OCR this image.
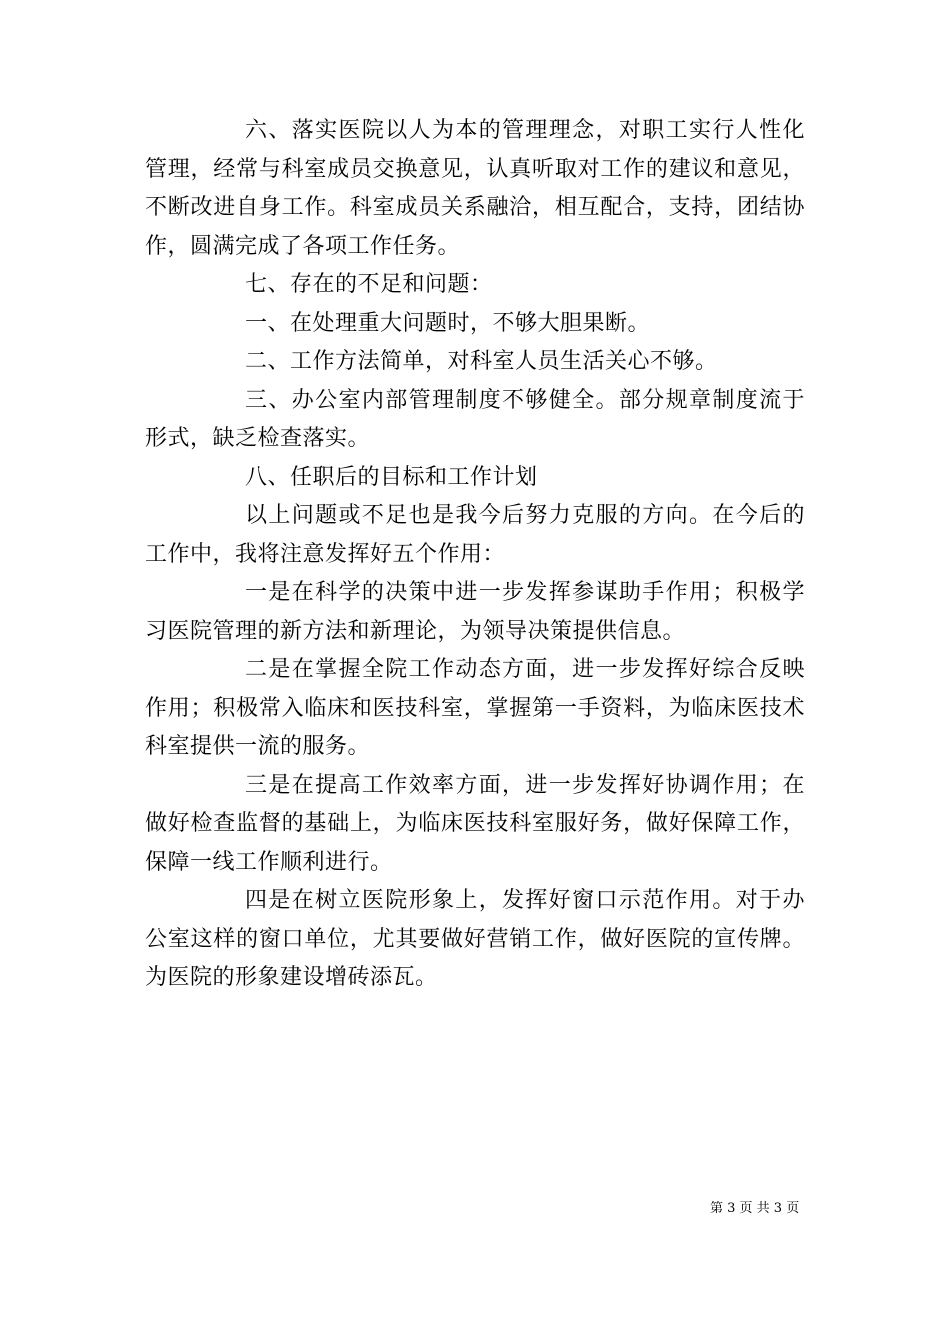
六、落实医院以人为本的管理理念，对职工实行人性化管理，经常与科室成员交换意见，认真听取对工作的建议和意见，不断改进自身工作。科室成员关系融洽，相互配合，支持，团结协作，圆满完成了各项工作任务。

七、存在的不足和问题：

一、在处理重大问题时，不够大胆果断。

二、工作方法简单，对科室人员生活关心不够。

三、办公室内部管理制度不够健全。部分规章制度流于形式，缺乏检查落实。

八、任职后的目标和工作计划

以上问题或不足也是我今后努力克服的方向。在今后的工作中，我将注意发挥好五个作用：

一是在科学的决策中进一步发挥参谋助手作用；积极学习医院管理的新方法和新理论，为领导决策提供信息。

二是在掌握全院工作动态方面，进一步发挥好综合反映作用；积极常入临床和医技科室，掌握第一手资料，为临床医技术科室提供一流的服务。

三是在提高工作效率方面，进一步发挥好协调作用；在做好检查监督的基础上，为临床医技科室服好务，做好保障工作，保障一线工作顺利进行。

四是在树立医院形象上，发挥好窗口示范作用。对于办公室这样的窗口单位，尤其要做好营销工作，做好医院的宣传牌。为医院的形象建设增砖添瓦。

第 3 页 共 3 页
